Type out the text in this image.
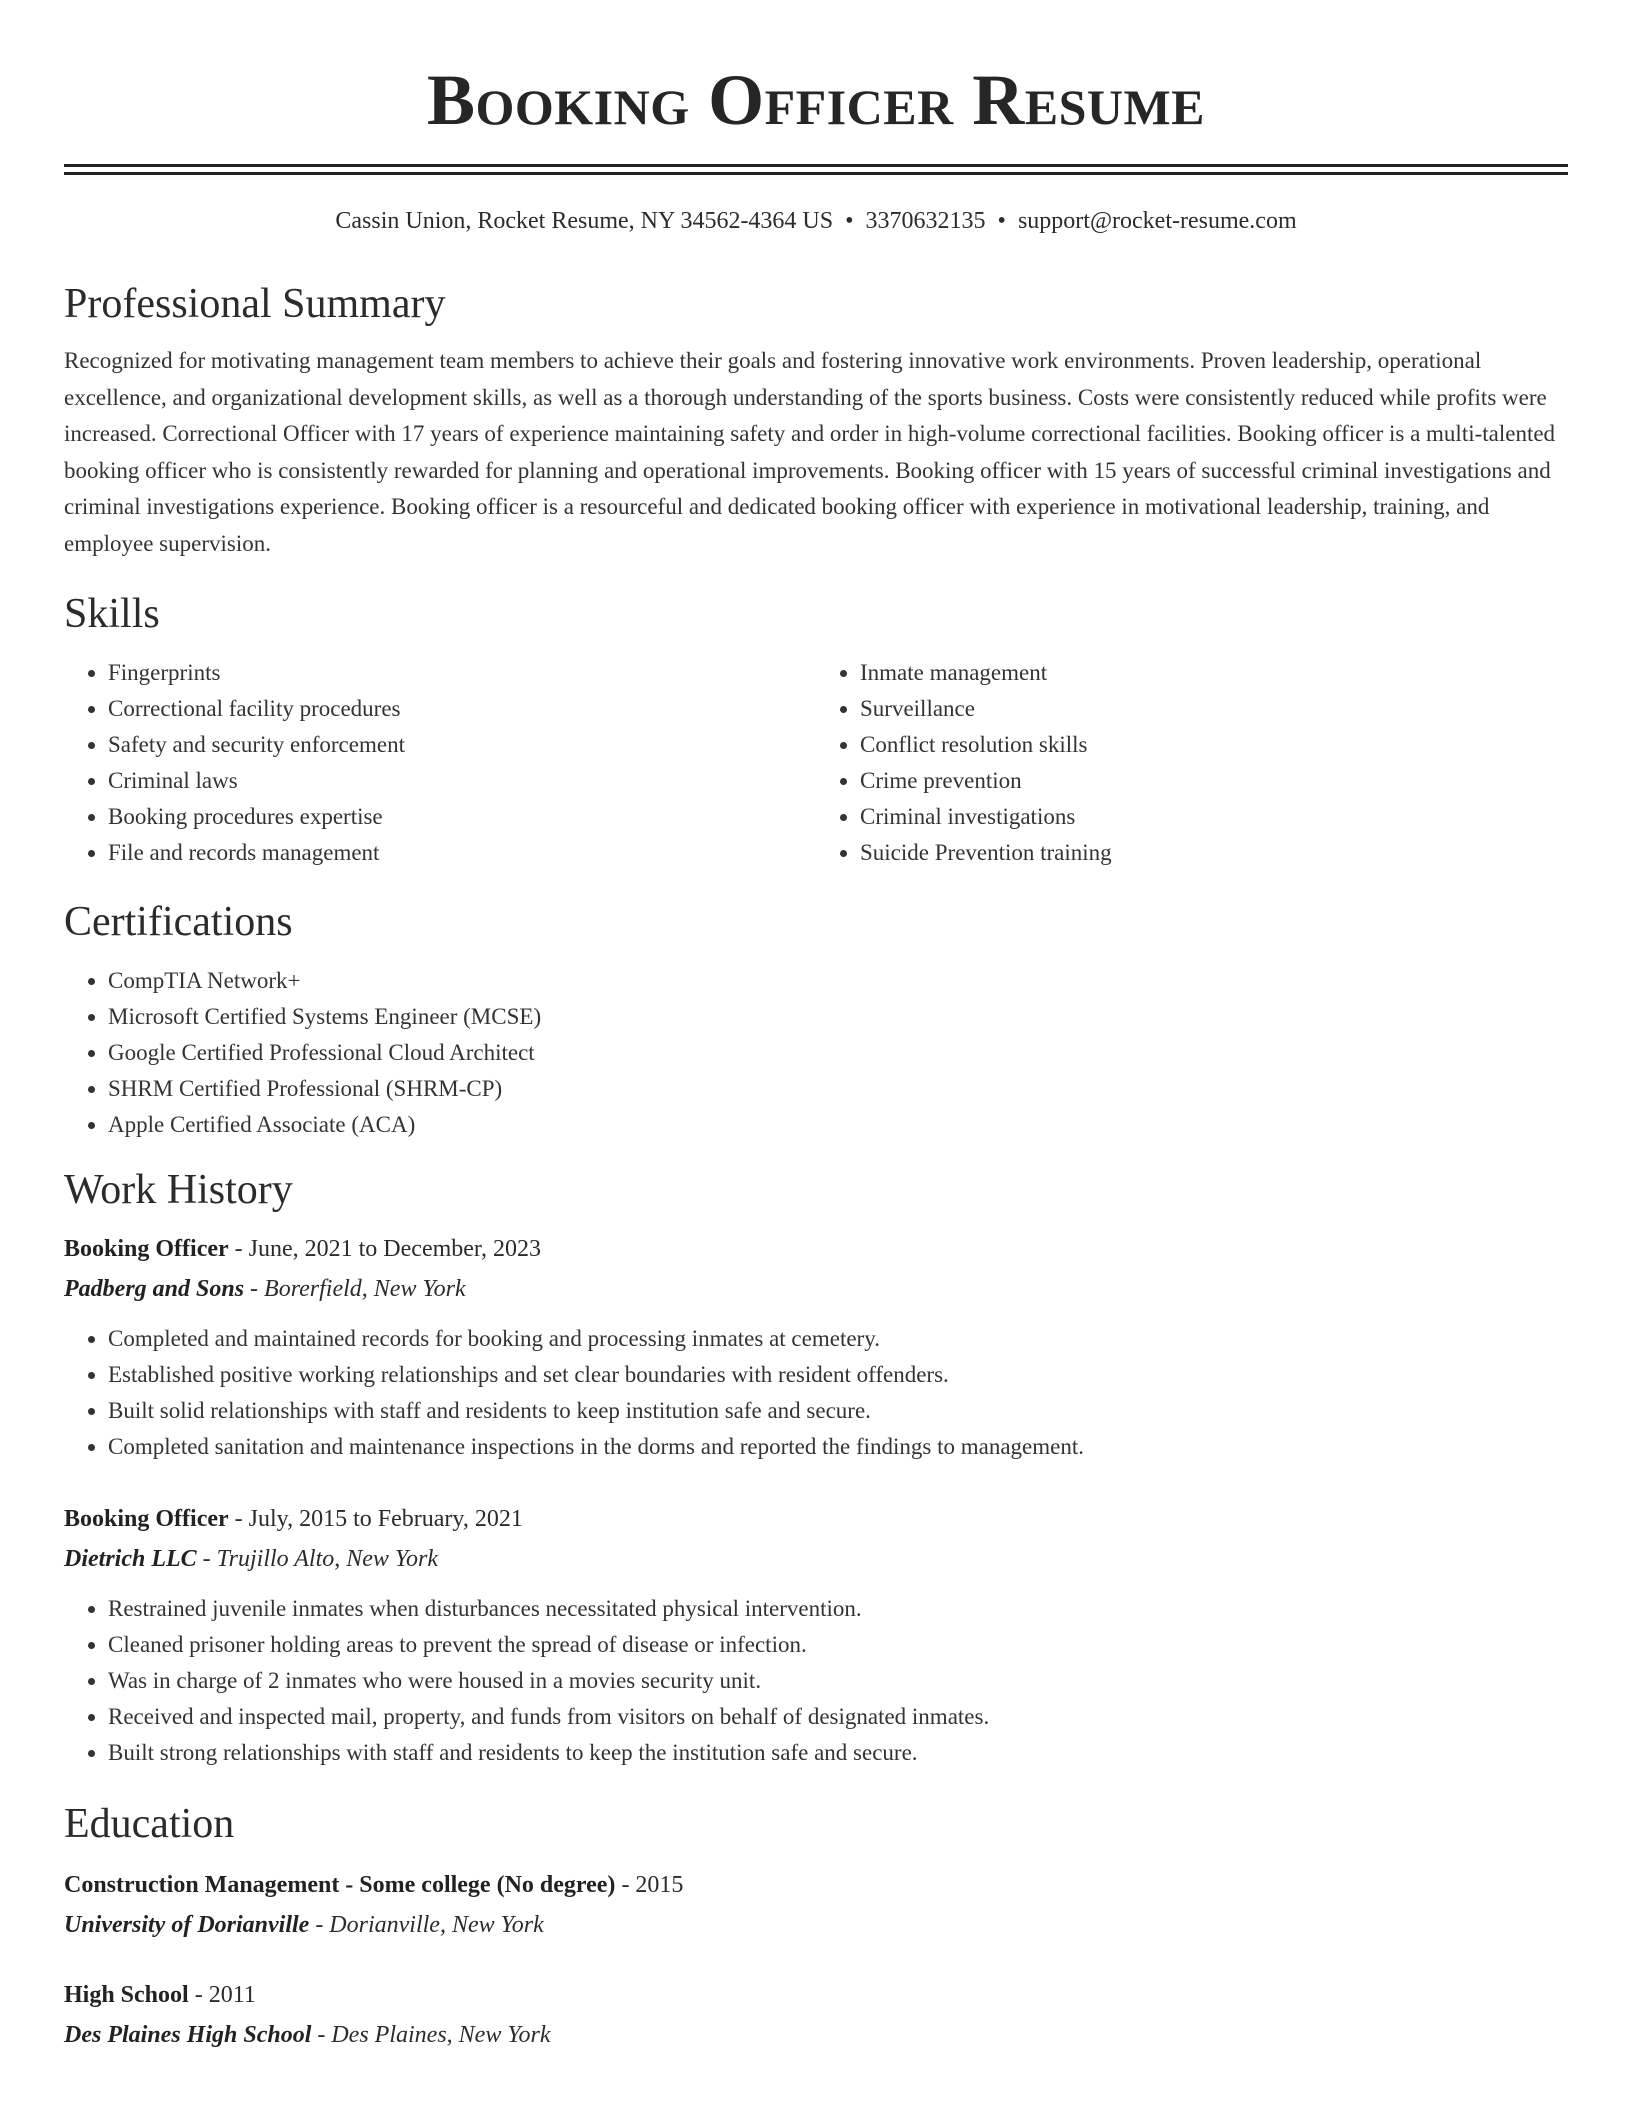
Booking Officer Resume
Cassin Union, Rocket Resume, NY 34562-4364 US • 3370632135 • support@rocket-resume.com
Professional Summary

Recognized for motivating management team members to achieve their goals and fostering innovative work environments. Proven leadership, operational excellence, and organizational development skills, as well as a thorough understanding of the sports business. Costs were consistently reduced while profits were increased. Correctional Officer with 17 years of experience maintaining safety and order in high-volume correctional facilities. Booking officer is a multi-talented booking officer who is consistently rewarded for planning and operational improvements. Booking officer with 15 years of successful criminal investigations and criminal investigations experience. Booking officer is a resourceful and dedicated booking officer with experience in motivational leadership, training, and employee supervision.

Skills
• Fingerprints
• Correctional facility procedures
• Safety and security enforcement
• Criminal laws
• Booking procedures expertise
• File and records management
• Inmate management
• Surveillance
• Conflict resolution skills
• Crime prevention
• Criminal investigations
• Suicide Prevention training
Certifications
• CompTIA Network+
• Microsoft Certified Systems Engineer (MCSE)
• Google Certified Professional Cloud Architect
• SHRM Certified Professional (SHRM-CP)
• Apple Certified Associate (ACA)
Work History
Booking Officer - June, 2021 to December, 2023
Padberg and Sons - Borerfield, New York
• Completed and maintained records for booking and processing inmates at cemetery.
• Established positive working relationships and set clear boundaries with resident offenders.
• Built solid relationships with staff and residents to keep institution safe and secure.
• Completed sanitation and maintenance inspections in the dorms and reported the findings to management.
Booking Officer - July, 2015 to February, 2021
Dietrich LLC - Trujillo Alto, New York
• Restrained juvenile inmates when disturbances necessitated physical intervention.
• Cleaned prisoner holding areas to prevent the spread of disease or infection.
• Was in charge of 2 inmates who were housed in a movies security unit.
• Received and inspected mail, property, and funds from visitors on behalf of designated inmates.
• Built strong relationships with staff and residents to keep the institution safe and secure.
Education
Construction Management - Some college (No degree) - 2015
University of Dorianville - Dorianville, New York
High School - 2011
Des Plaines High School - Des Plaines, New York
